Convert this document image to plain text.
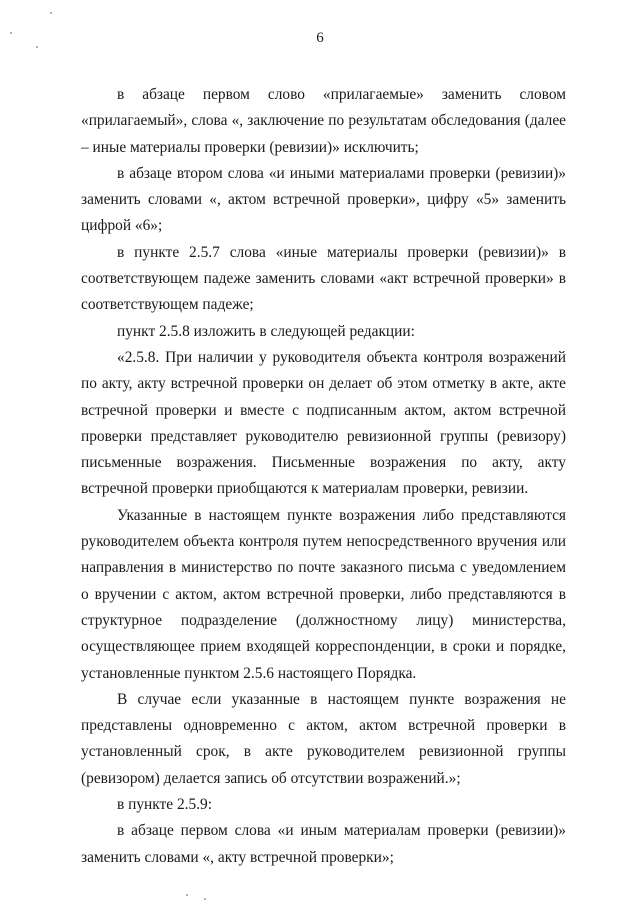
6

в абзаце первом слово «прилагаемые» заменить словом «прилагаемый», слова «, заключение по результатам обследования (далее – иные материалы проверки (ревизии)» исключить;

в абзаце втором слова «и иными материалами проверки (ревизии)» заменить словами «, актом встречной проверки», цифру «5» заменить цифрой «6»;

в пункте 2.5.7 слова «иные материалы проверки (ревизии)» в соответствующем падеже заменить словами «акт встречной проверки» в соответствующем падеже;

пункт 2.5.8 изложить в следующей редакции:

«2.5.8. При наличии у руководителя объекта контроля возражений по акту, акту встречной проверки он делает об этом отметку в акте, акте встречной проверки и вместе с подписанным актом, актом встречной проверки представляет руководителю ревизионной группы (ревизору) письменные возражения. Письменные возражения по акту, акту встречной проверки приобщаются к материалам проверки, ревизии.

Указанные в настоящем пункте возражения либо представляются руководителем объекта контроля путем непосредственного вручения или направления в министерство по почте заказного письма с уведомлением о вручении с актом, актом встречной проверки, либо представляются в структурное подразделение (должностному лицу) министерства, осуществляющее прием входящей корреспонденции, в сроки и порядке, установленные пунктом 2.5.6 настоящего Порядка.

В случае если указанные в настоящем пункте возражения не представлены одновременно с актом, актом встречной проверки в установленный срок, в акте руководителем ревизионной группы (ревизором) делается запись об отсутствии возражений.»;

в пункте 2.5.9:

в абзаце первом слова «и иным материалам проверки (ревизии)» заменить словами «, акту встречной проверки»;
